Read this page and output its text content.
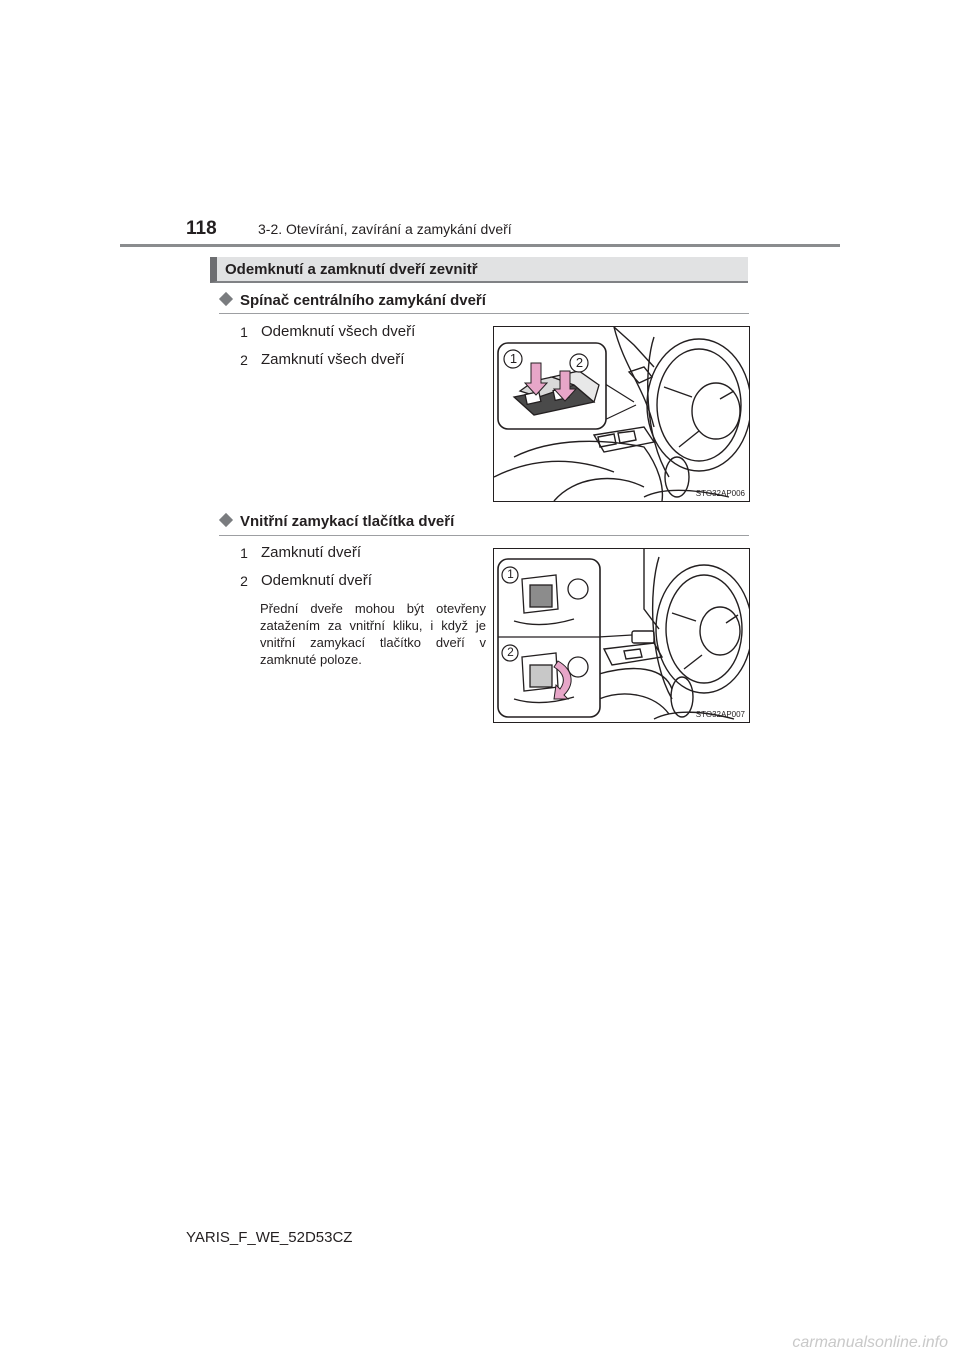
118	3-2. Otevírání, zavírání a zamykání dveří
Odemknutí a zamknutí dveří zevnitř
Spínač centrálního zamykání dveří
1 Odemknutí všech dveří
2 Zamknutí všech dveří	1	2
STO32AP006
Vnitřní zamykací tlačítka dveří
1 Zamknutí dveří
2 Odemknutí dveří
Přední dveře mohou být otevřeny zatažením za vnitřní kliku, i když je vnitřní zamykací tlačítko dveří v zamknuté poloze.
1
2
STO32AP007
YARIS_F_WE_52D53CZ
carmanualsonline.info
